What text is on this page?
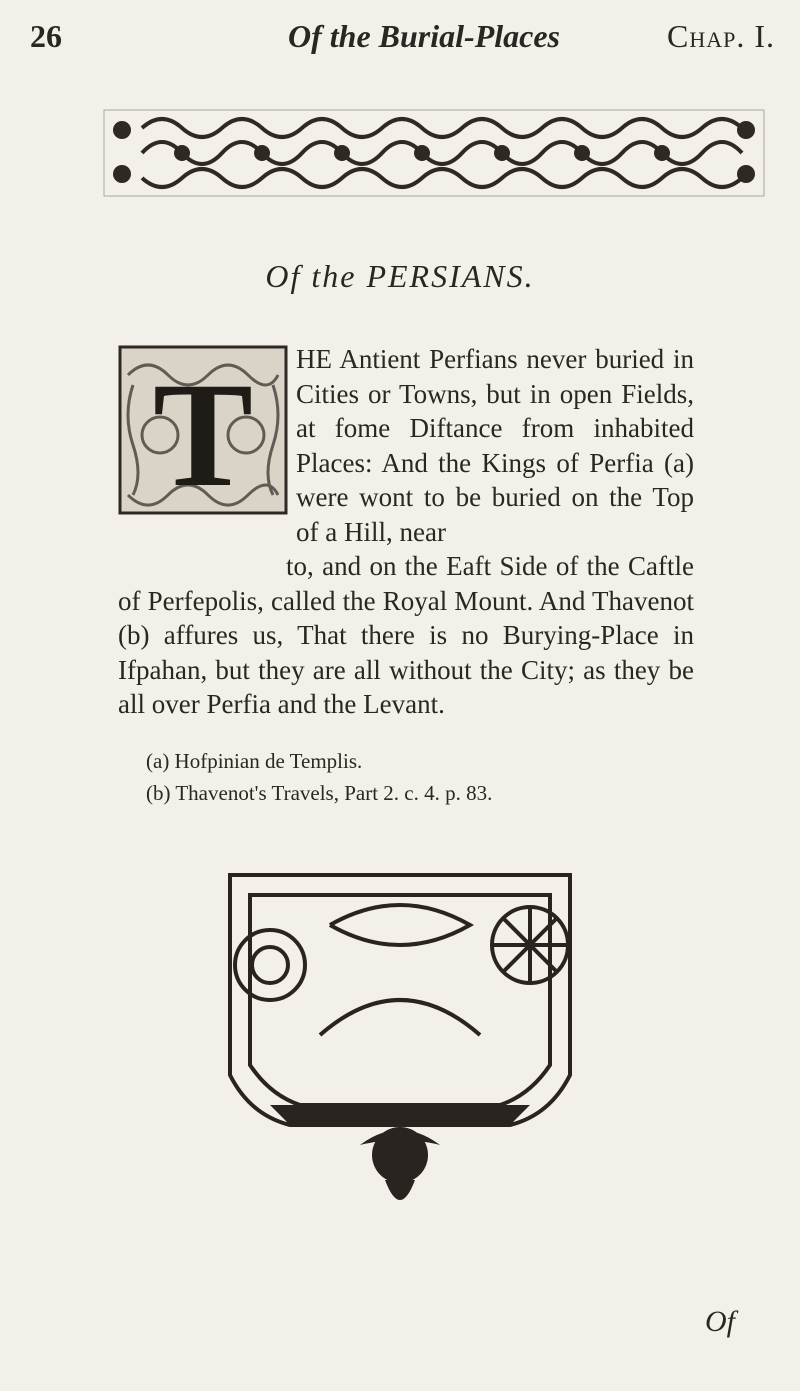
26	Of the Burial-Places	Chap. I.
Of the PERSIANS.
T HE Antient Perfians never buried in Cities or Towns, but in open Fields, at fome Diftance from inhabited Places: And the Kings of Perfia (a) were wont to be buried on the Top of a Hill, near
to, and on the Eaft Side of the Caftle of Perfepolis, called the Royal Mount. And Thavenot (b) affures us, That there is no Burying-Place in Ifpahan, but they are all without the City; as they be all over Perfia and the Levant.
(a) Hofpinian de Templis.
(b) Thavenot's Travels, Part 2. c. 4. p. 83.
Of
